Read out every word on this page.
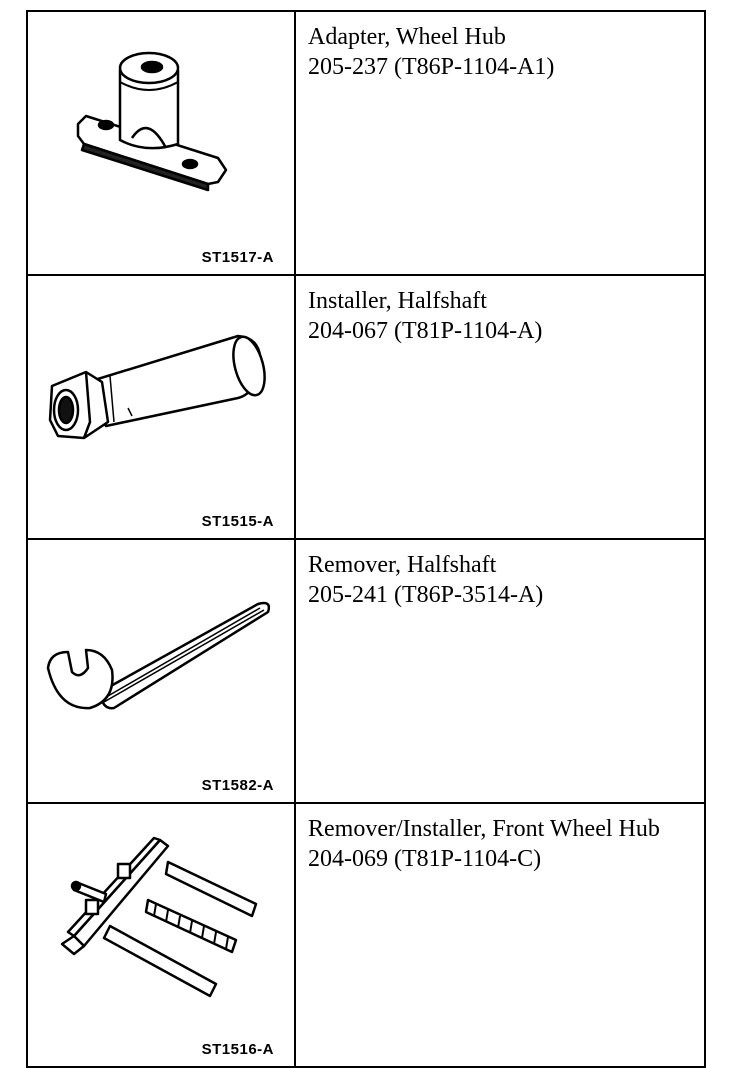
ST1517-A	Adapter, Wheel Hub
205-237 (T86P-1104-A1)

ST1515-A	Installer, Halfshaft
204-067 (T81P-1104-A)

ST1582-A	Remover, Halfshaft
205-241 (T86P-3514-A)

ST1516-A	Remover/Installer, Front Wheel Hub
204-069 (T81P-1104-C)
